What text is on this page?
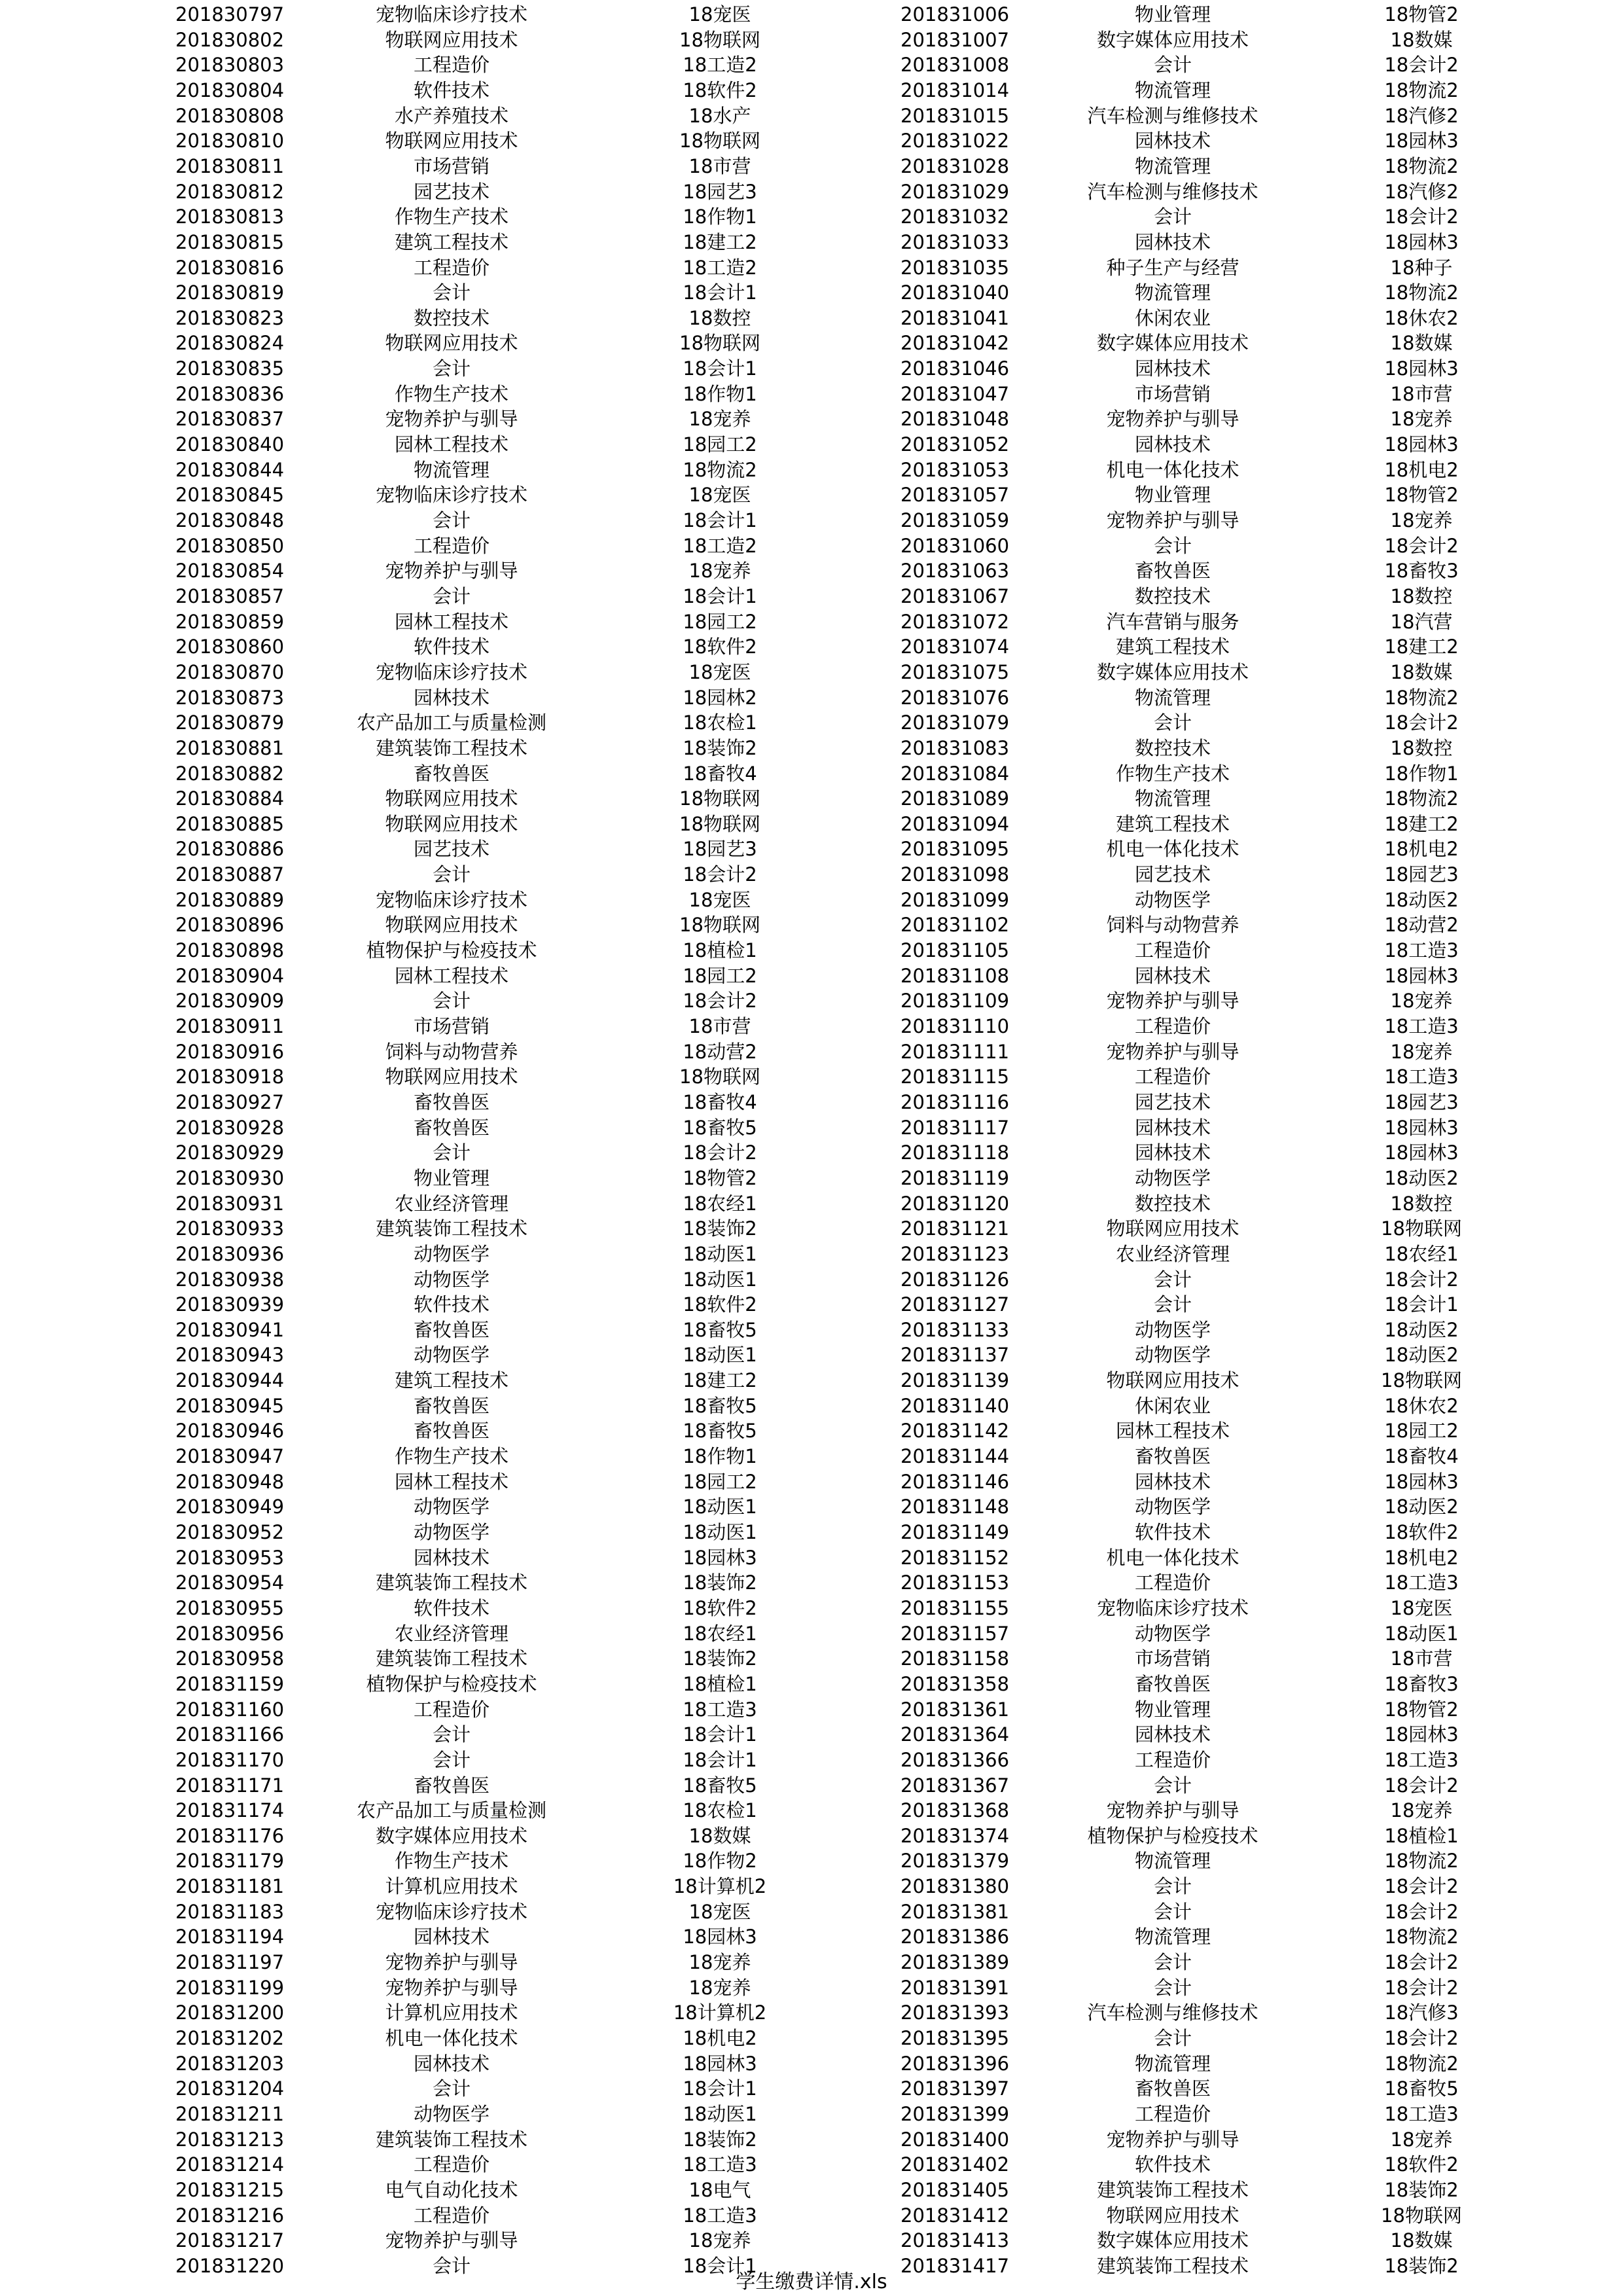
201830797	宠物临床诊疗技术	18宠医
201830802	物联网应用技术	18物联网
201830803	工程造价	18工造2
201830804	软件技术	18软件2
201830808	水产养殖技术	18水产
201830810	物联网应用技术	18物联网
201830811	市场营销	18市营
201830812	园艺技术	18园艺3
201830813	作物生产技术	18作物1
201830815	建筑工程技术	18建工2
201830816	工程造价	18工造2
201830819	会计	18会计1
201830823	数控技术	18数控
201830824	物联网应用技术	18物联网
201830835	会计	18会计1
201830836	作物生产技术	18作物1
201830837	宠物养护与驯导	18宠养
201830840	园林工程技术	18园工2
201830844	物流管理	18物流2
201830845	宠物临床诊疗技术	18宠医
201830848	会计	18会计1
201830850	工程造价	18工造2
201830854	宠物养护与驯导	18宠养
201830857	会计	18会计1
201830859	园林工程技术	18园工2
201830860	软件技术	18软件2
201830870	宠物临床诊疗技术	18宠医
201830873	园林技术	18园林2
201830879	农产品加工与质量检测	18农检1
201830881	建筑装饰工程技术	18装饰2
201830882	畜牧兽医	18畜牧4
201830884	物联网应用技术	18物联网
201830885	物联网应用技术	18物联网
201830886	园艺技术	18园艺3
201830887	会计	18会计2
201830889	宠物临床诊疗技术	18宠医
201830896	物联网应用技术	18物联网
201830898	植物保护与检疫技术	18植检1
201830904	园林工程技术	18园工2
201830909	会计	18会计2
201830911	市场营销	18市营
201830916	饲料与动物营养	18动营2
201830918	物联网应用技术	18物联网
201830927	畜牧兽医	18畜牧4
201830928	畜牧兽医	18畜牧5
201830929	会计	18会计2
201830930	物业管理	18物管2
201830931	农业经济管理	18农经1
201830933	建筑装饰工程技术	18装饰2
201830936	动物医学	18动医1
201830938	动物医学	18动医1
201830939	软件技术	18软件2
201830941	畜牧兽医	18畜牧5
201830943	动物医学	18动医1
201830944	建筑工程技术	18建工2
201830945	畜牧兽医	18畜牧5
201830946	畜牧兽医	18畜牧5
201830947	作物生产技术	18作物1
201830948	园林工程技术	18园工2
201830949	动物医学	18动医1
201830952	动物医学	18动医1
201830953	园林技术	18园林3
201830954	建筑装饰工程技术	18装饰2
201830955	软件技术	18软件2
201830956	农业经济管理	18农经1
201830958	建筑装饰工程技术	18装饰2
201831159	植物保护与检疫技术	18植检1
201831160	工程造价	18工造3
201831166	会计	18会计1
201831170	会计	18会计1
201831171	畜牧兽医	18畜牧5
201831174	农产品加工与质量检测	18农检1
201831176	数字媒体应用技术	18数媒
201831179	作物生产技术	18作物2
201831181	计算机应用技术	18计算机2
201831183	宠物临床诊疗技术	18宠医
201831194	园林技术	18园林3
201831197	宠物养护与驯导	18宠养
201831199	宠物养护与驯导	18宠养
201831200	计算机应用技术	18计算机2
201831202	机电一体化技术	18机电2
201831203	园林技术	18园林3
201831204	会计	18会计1
201831211	动物医学	18动医1
201831213	建筑装饰工程技术	18装饰2
201831214	工程造价	18工造3
201831215	电气自动化技术	18电气
201831216	工程造价	18工造3
201831217	宠物养护与驯导	18宠养
201831220	会计	18会计1
201831006	物业管理	18物管2
201831007	数字媒体应用技术	18数媒
201831008	会计	18会计2
201831014	物流管理	18物流2
201831015	汽车检测与维修技术	18汽修2
201831022	园林技术	18园林3
201831028	物流管理	18物流2
201831029	汽车检测与维修技术	18汽修2
201831032	会计	18会计2
201831033	园林技术	18园林3
201831035	种子生产与经营	18种子
201831040	物流管理	18物流2
201831041	休闲农业	18休农2
201831042	数字媒体应用技术	18数媒
201831046	园林技术	18园林3
201831047	市场营销	18市营
201831048	宠物养护与驯导	18宠养
201831052	园林技术	18园林3
201831053	机电一体化技术	18机电2
201831057	物业管理	18物管2
201831059	宠物养护与驯导	18宠养
201831060	会计	18会计2
201831063	畜牧兽医	18畜牧3
201831067	数控技术	18数控
201831072	汽车营销与服务	18汽营
201831074	建筑工程技术	18建工2
201831075	数字媒体应用技术	18数媒
201831076	物流管理	18物流2
201831079	会计	18会计2
201831083	数控技术	18数控
201831084	作物生产技术	18作物1
201831089	物流管理	18物流2
201831094	建筑工程技术	18建工2
201831095	机电一体化技术	18机电2
201831098	园艺技术	18园艺3
201831099	动物医学	18动医2
201831102	饲料与动物营养	18动营2
201831105	工程造价	18工造3
201831108	园林技术	18园林3
201831109	宠物养护与驯导	18宠养
201831110	工程造价	18工造3
201831111	宠物养护与驯导	18宠养
201831115	工程造价	18工造3
201831116	园艺技术	18园艺3
201831117	园林技术	18园林3
201831118	园林技术	18园林3
201831119	动物医学	18动医2
201831120	数控技术	18数控
201831121	物联网应用技术	18物联网
201831123	农业经济管理	18农经1
201831126	会计	18会计2
201831127	会计	18会计1
201831133	动物医学	18动医2
201831137	动物医学	18动医2
201831139	物联网应用技术	18物联网
201831140	休闲农业	18休农2
201831142	园林工程技术	18园工2
201831144	畜牧兽医	18畜牧4
201831146	园林技术	18园林3
201831148	动物医学	18动医2
201831149	软件技术	18软件2
201831152	机电一体化技术	18机电2
201831153	工程造价	18工造3
201831155	宠物临床诊疗技术	18宠医
201831157	动物医学	18动医1
201831158	市场营销	18市营
201831358	畜牧兽医	18畜牧3
201831361	物业管理	18物管2
201831364	园林技术	18园林3
201831366	工程造价	18工造3
201831367	会计	18会计2
201831368	宠物养护与驯导	18宠养
201831374	植物保护与检疫技术	18植检1
201831379	物流管理	18物流2
201831380	会计	18会计2
201831381	会计	18会计2
201831386	物流管理	18物流2
201831389	会计	18会计2
201831391	会计	18会计2
201831393	汽车检测与维修技术	18汽修3
201831395	会计	18会计2
201831396	物流管理	18物流2
201831397	畜牧兽医	18畜牧5
201831399	工程造价	18工造3
201831400	宠物养护与驯导	18宠养
201831402	软件技术	18软件2
201831405	建筑装饰工程技术	18装饰2
201831412	物联网应用技术	18物联网
201831413	数字媒体应用技术	18数媒
201831417	建筑装饰工程技术	18装饰2
学生缴费详情.xls
